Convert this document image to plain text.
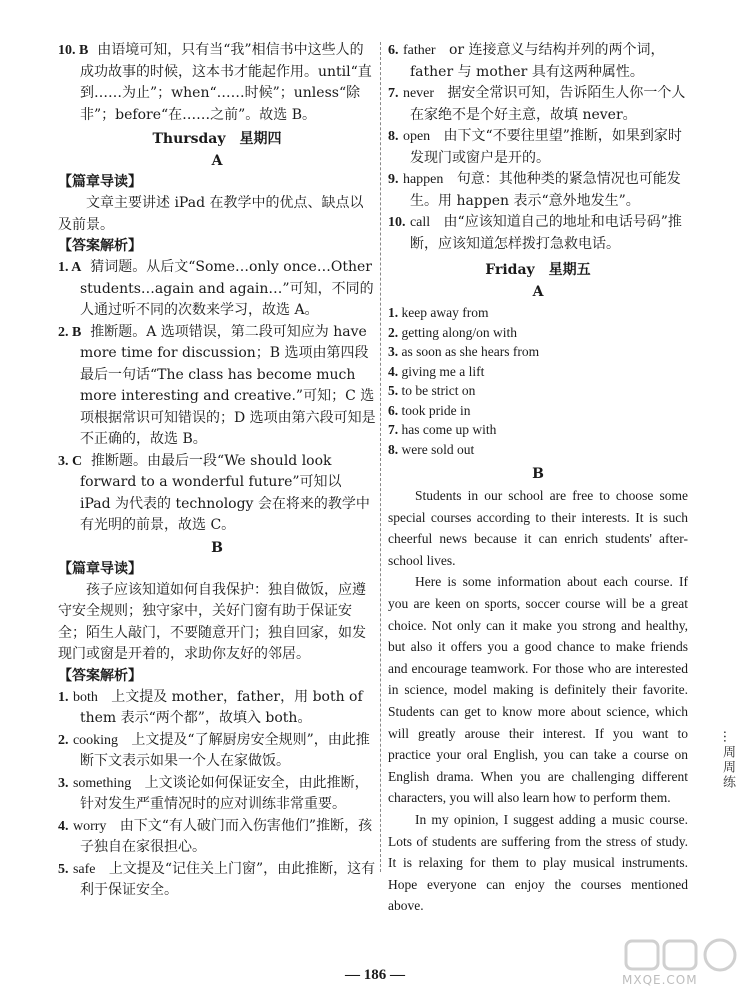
10. B 由语境可知，只有当“我”相信书中这些人的成功故事的时候，这本书才能起作用。until“直到……为止”；when“……时候”；unless“除非”；before“在……之前”。故选 B。

Thursday　星期四

A

【篇章导读】

文章主要讲述 iPad 在教学中的优点、缺点以及前景。

【答案解析】

1. A 猜词题。从后文“Some…only once…Other students…again and again…”可知，不同的人通过听不同的次数来学习，故选 A。

2. B 推断题。A 选项错误，第二段可知应为 have more time for discussion；B 选项由第四段最后一句话“The class has become much more interesting and creative.”可知；C 选项根据常识可知错误的；D 选项由第六段可知是不正确的，故选 B。

3. C 推断题。由最后一段“We should look forward to a wonderful future”可知以 iPad 为代表的 technology 会在将来的教学中有光明的前景，故选 C。

B

【篇章导读】

孩子应该知道如何自我保护：独自做饭，应遵守安全规则；独守家中，关好门窗有助于保证安全；陌生人敲门，不要随意开门；独自回家，如发现门或窗是开着的，求助你友好的邻居。

【答案解析】

1. both 上文提及 mother，father，用 both of them 表示“两个都”，故填入 both。

2. cooking 上文提及“了解厨房安全规则”，由此推断下文表示如果一个人在家做饭。

3. something 上文谈论如何保证安全，由此推断，针对发生严重情况时的应对训练非常重要。

4. worry 由下文“有人破门而入伤害他们”推断，孩子独自在家很担心。

5. safe 上文提及“记住关上门窗”，由此推断，这有利于保证安全。

6. father or 连接意义与结构并列的两个词，father 与 mother 具有这两种属性。

7. never 据安全常识可知，告诉陌生人你一个人在家绝不是个好主意，故填 never。

8. open 由下文“不要往里望”推断，如果到家时发现门或窗户是开的。

9. happen 句意：其他种类的紧急情况也可能发生。用 happen 表示“意外地发生”。

10. call 由“应该知道自己的地址和电话号码”推断，应该知道怎样拨打急救电话。

Friday　星期五

A

1. keep away from

2. getting along/on with

3. as soon as she hears from

4. giving me a lift

5. to be strict on

6. took pride in

7. has come up with

8. were sold out

B

Students in our school are free to choose some special courses according to their interests. It is such cheerful news because it can enrich students' after-school lives.

Here is some information about each course. If you are keen on sports, soccer course will be a great choice. Not only can it make you strong and healthy, but also it offers you a good chance to make friends and encourage teamwork. For those who are interested in science, model making is definitely their favorite. Students can get to know more about science, which will greatly arouse their interest. If you want to practice your oral English, you can take a course on English drama. When you are challenging different characters, you will also learn how to perform them.

In my opinion, I suggest adding a music course. Lots of students are suffering from the stress of study. It is relaxing for them to play musical instruments. Hope everyone can enjoy the courses mentioned above.

…周周练
— 186 —	MXQE.COM
